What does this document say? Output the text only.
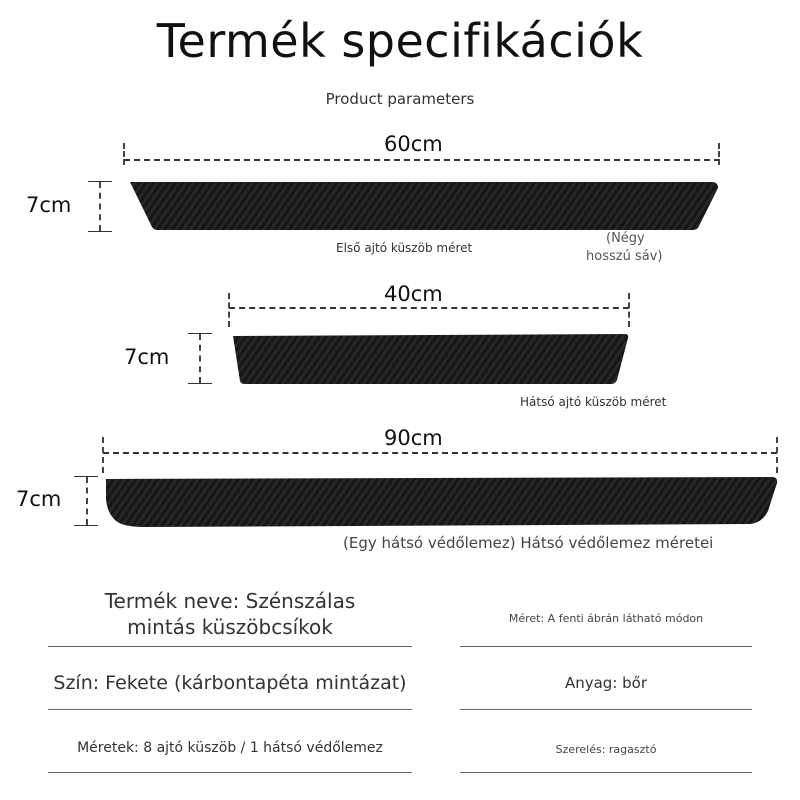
Termék specifikációk
Product parameters
60cm
7cm
Első ajtó küszöb méret
(Négy
hosszú sáv)
40cm
7cm
Hátsó ajtó küszöb méret
90cm
7cm
(Egy hátsó védőlemez) Hátsó védőlemez méretei
Termék neve: Szénszálas
mintás küszöbcsíkok	Méret: A fenti ábrán látható módon
Szín: Fekete (kárbontapéta mintázat)	Anyag: bőr
Méretek: 8 ajtó küszöb / 1 hátsó védőlemez	Szerelés: ragasztó
